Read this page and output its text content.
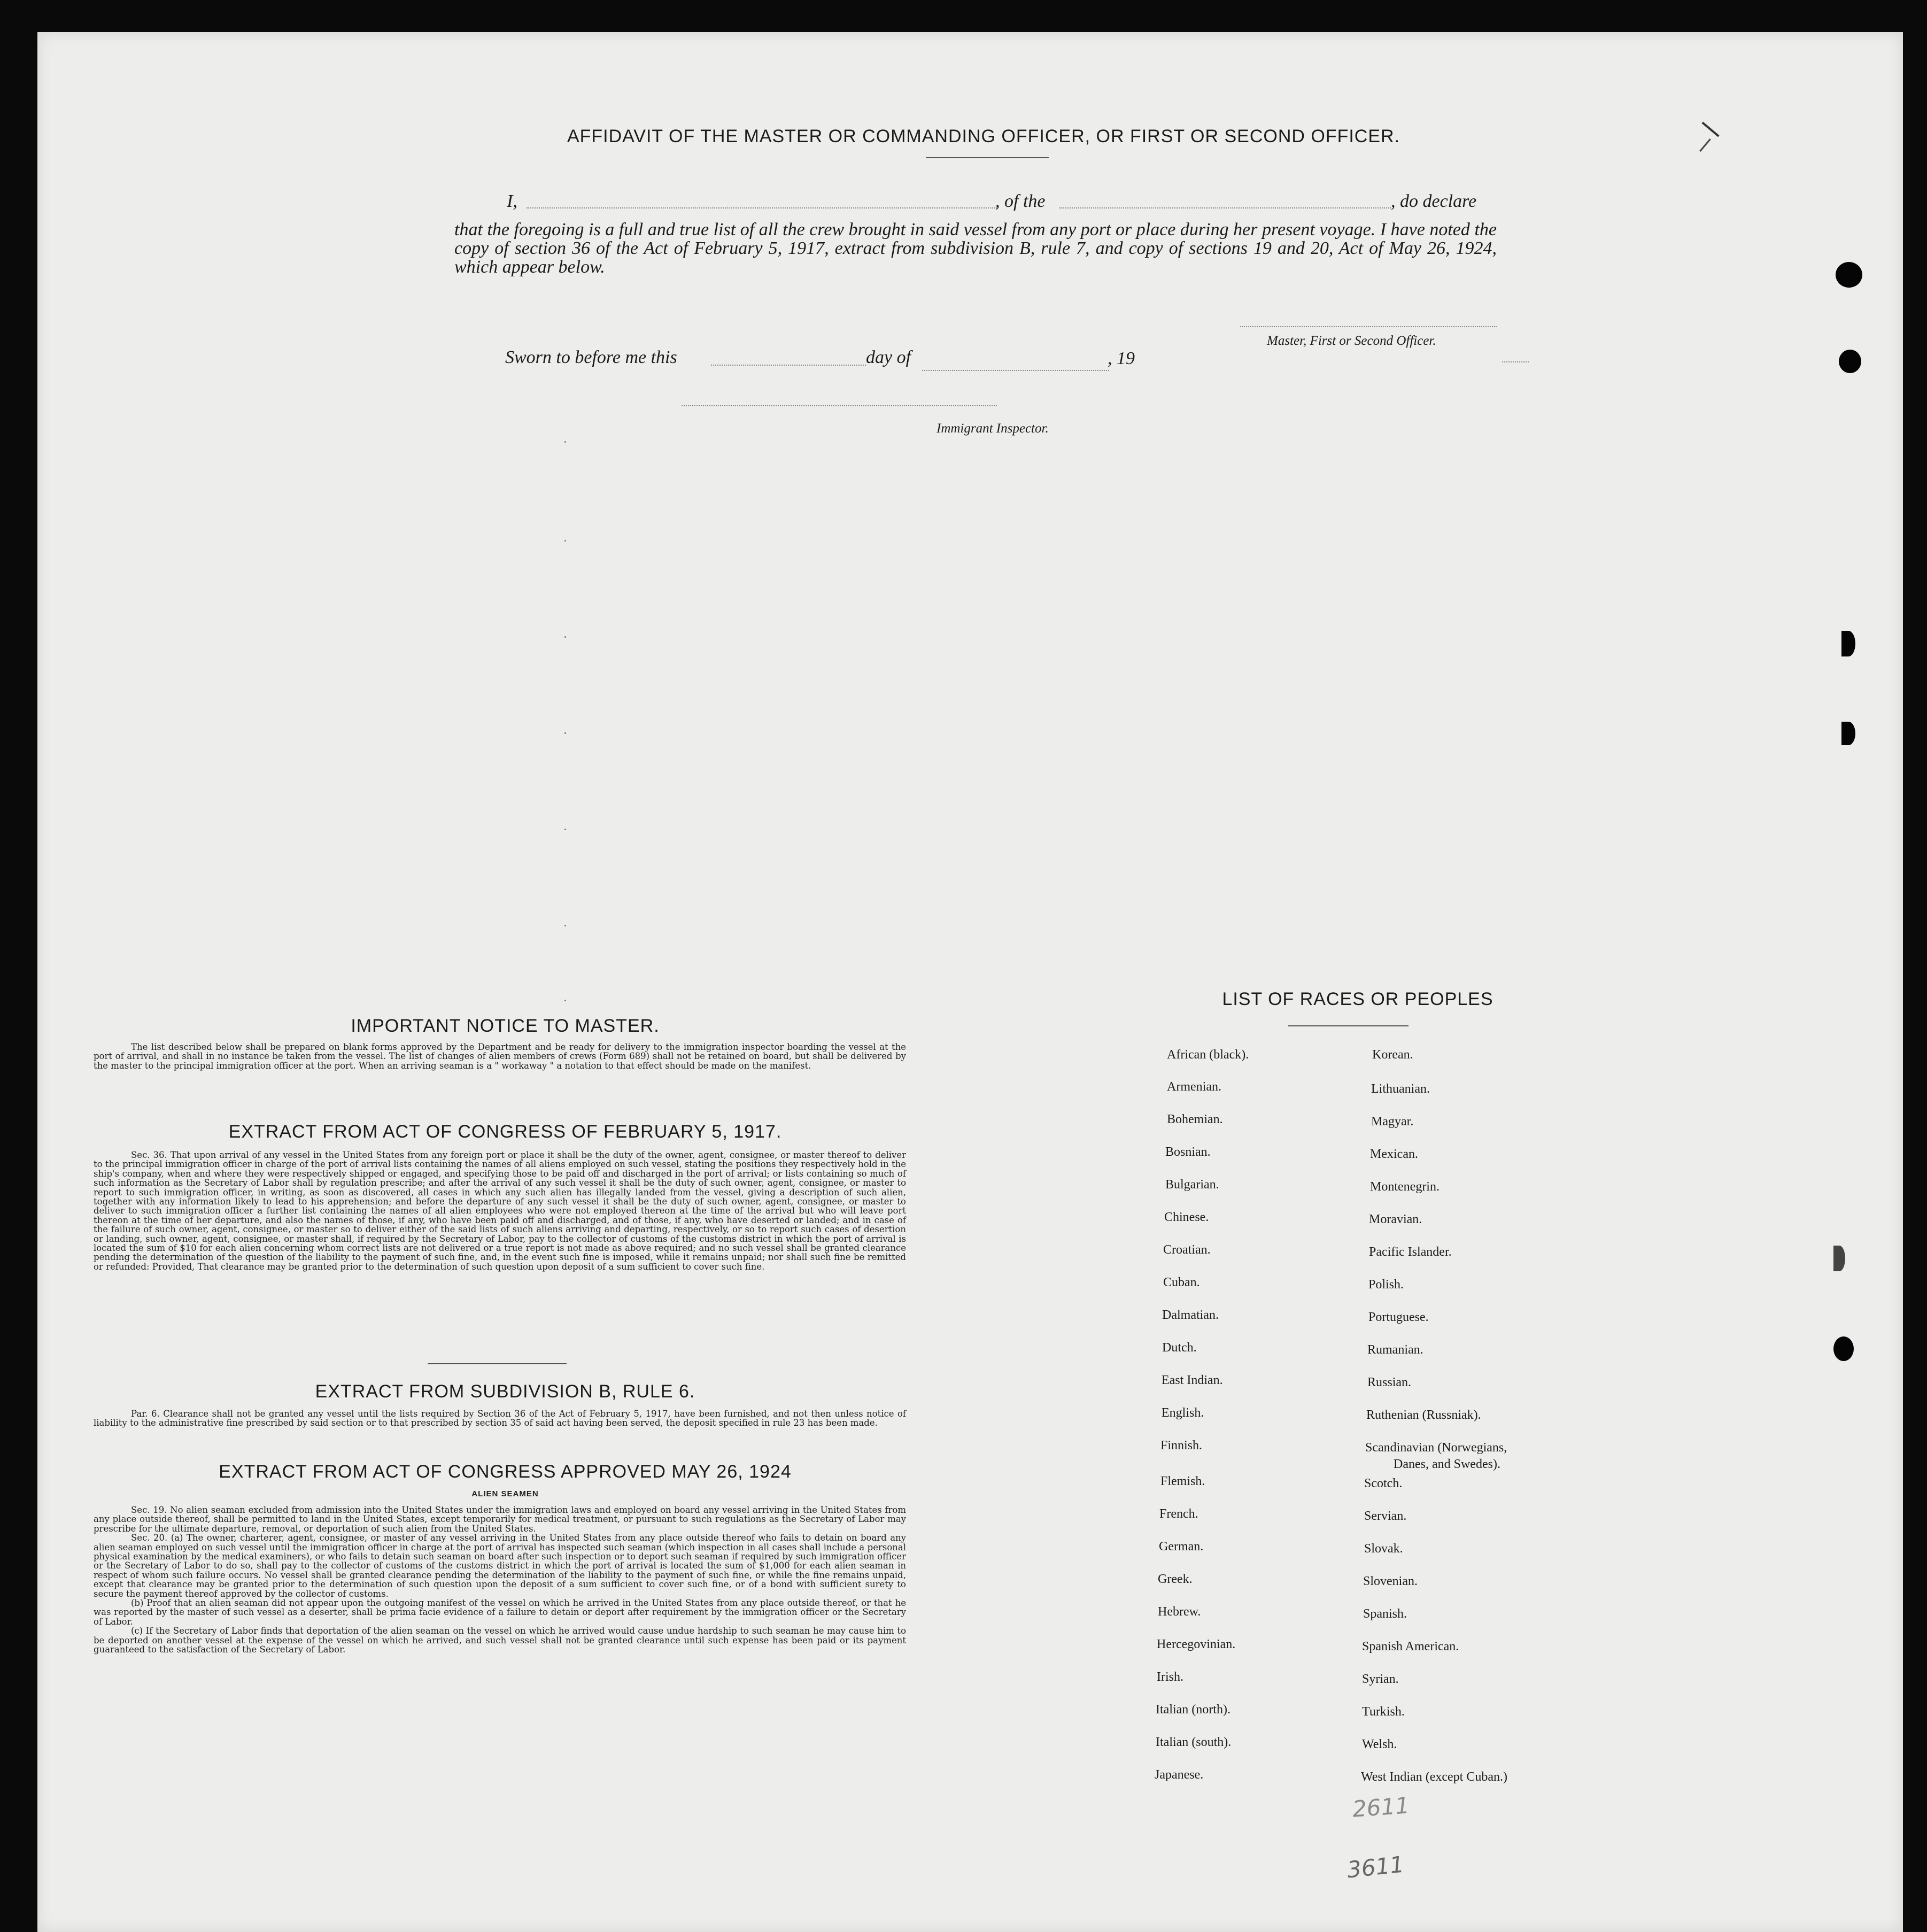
AFFIDAVIT OF THE MASTER OR COMMANDING OFFICER, OR FIRST OR SECOND OFFICER.
I,	, of the	, do declare
that the foregoing is a full and true list of all the crew brought in said vessel from any port or place during her present voyage. I have noted the copy of section 36 of the Act of February 5, 1917, extract from subdivision B, rule 7, and copy of sections 19 and 20, Act of May 26, 1924, which appear below.
Master, First or Second Officer.
Sworn to before me this	day of	, 19
Immigrant Inspector.
IMPORTANT NOTICE TO MASTER.

The list described below shall be prepared on blank forms approved by the Department and be ready for delivery to the immigration inspector boarding the vessel at the port of arrival, and shall in no instance be taken from the vessel. The list of changes of alien members of crews (Form 689) shall not be retained on board, but shall be delivered by the master to the principal immigration officer at the port. When an arriving seaman is a " workaway " a notation to that effect should be made on the manifest.

EXTRACT FROM ACT OF CONGRESS OF FEBRUARY 5, 1917.

Sec. 36. That upon arrival of any vessel in the United States from any foreign port or place it shall be the duty of the owner, agent, consignee, or master thereof to deliver to the principal immigration officer in charge of the port of arrival lists containing the names of all aliens employed on such vessel, stating the positions they respectively hold in the ship's company, when and where they were respectively shipped or engaged, and specifying those to be paid off and discharged in the port of arrival; or lists containing so much of such information as the Secretary of Labor shall by regulation prescribe; and after the arrival of any such vessel it shall be the duty of such owner, agent, consignee, or master to report to such immigration officer, in writing, as soon as discovered, all cases in which any such alien has illegally landed from the vessel, giving a description of such alien, together with any information likely to lead to his apprehension; and before the departure of any such vessel it shall be the duty of such owner, agent, consignee, or master to deliver to such immigration officer a further list containing the names of all alien employees who were not employed thereon at the time of the arrival but who will leave port thereon at the time of her departure, and also the names of those, if any, who have been paid off and discharged, and of those, if any, who have deserted or landed; and in case of the failure of such owner, agent, consignee, or master so to deliver either of the said lists of such aliens arriving and departing, respectively, or so to report such cases of desertion or landing, such owner, agent, consignee, or master shall, if required by the Secretary of Labor, pay to the collector of customs of the customs district in which the port of arrival is located the sum of $10 for each alien concerning whom correct lists are not delivered or a true report is not made as above required; and no such vessel shall be granted clearance pending the determination of the question of the liability to the payment of such fine, and, in the event such fine is imposed, while it remains unpaid; nor shall such fine be remitted or refunded: Provided, That clearance may be granted prior to the determination of such question upon deposit of a sum sufficient to cover such fine.

EXTRACT FROM SUBDIVISION B, RULE 6.

Par. 6. Clearance shall not be granted any vessel until the lists required by Section 36 of the Act of February 5, 1917, have been furnished, and not then unless notice of liability to the administrative fine prescribed by said section or to that prescribed by section 35 of said act having been served, the deposit specified in rule 23 has been made.

EXTRACT FROM ACT OF CONGRESS APPROVED MAY 26, 1924
ALIEN SEAMEN

Sec. 19. No alien seaman excluded from admission into the United States under the immigration laws and employed on board any vessel arriving in the United States from any place outside thereof, shall be permitted to land in the United States, except temporarily for medical treatment, or pursuant to such regulations as the Secretary of Labor may prescribe for the ultimate departure, removal, or deportation of such alien from the United States.

Sec. 20. (a) The owner, charterer, agent, consignee, or master of any vessel arriving in the United States from any place outside thereof who fails to detain on board any alien seaman employed on such vessel until the immigration officer in charge at the port of arrival has inspected such seaman (which inspection in all cases shall include a personal physical examination by the medical examiners), or who fails to detain such seaman on board after such inspection or to deport such seaman if required by such immigration officer or the Secretary of Labor to do so, shall pay to the collector of customs of the customs district in which the port of arrival is located the sum of $1,000 for each alien seaman in respect of whom such failure occurs. No vessel shall be granted clearance pending the determination of the liability to the payment of such fine, or while the fine remains unpaid, except that clearance may be granted prior to the determination of such question upon the deposit of a sum sufficient to cover such fine, or of a bond with sufficient surety to secure the payment thereof approved by the collector of customs.

(b) Proof that an alien seaman did not appear upon the outgoing manifest of the vessel on which he arrived in the United States from any place outside thereof, or that he was reported by the master of such vessel as a deserter, shall be prima facie evidence of a failure to detain or deport after requirement by the immigration officer or the Secretary of Labor.

(c) If the Secretary of Labor finds that deportation of the alien seaman on the vessel on which he arrived would cause undue hardship to such seaman he may cause him to be deported on another vessel at the expense of the vessel on which he arrived, and such vessel shall not be granted clearance until such expense has been paid or its payment guaranteed to the satisfaction of the Secretary of Labor.

LIST OF RACES OR PEOPLES
African (black).
Armenian.
Bohemian.
Bosnian.
Bulgarian.
Chinese.
Croatian.
Cuban.
Dalmatian.
Dutch.
East Indian.
English.
Finnish.
Flemish.
French.
German.
Greek.
Hebrew.
Hercegovinian.
Irish.
Italian (north).
Italian (south).
Japanese.
Korean.
Lithuanian.
Magyar.
Mexican.
Montenegrin.
Moravian.
Pacific Islander.
Polish.
Portuguese.
Rumanian.
Russian.
Ruthenian (Russniak).
Scandinavian (Norwegians,
Danes, and Swedes).
Scotch.
Servian.
Slovak.
Slovenian.
Spanish.
Spanish American.
Syrian.
Turkish.
Welsh.
West Indian (except Cuban.)
2611
3611
